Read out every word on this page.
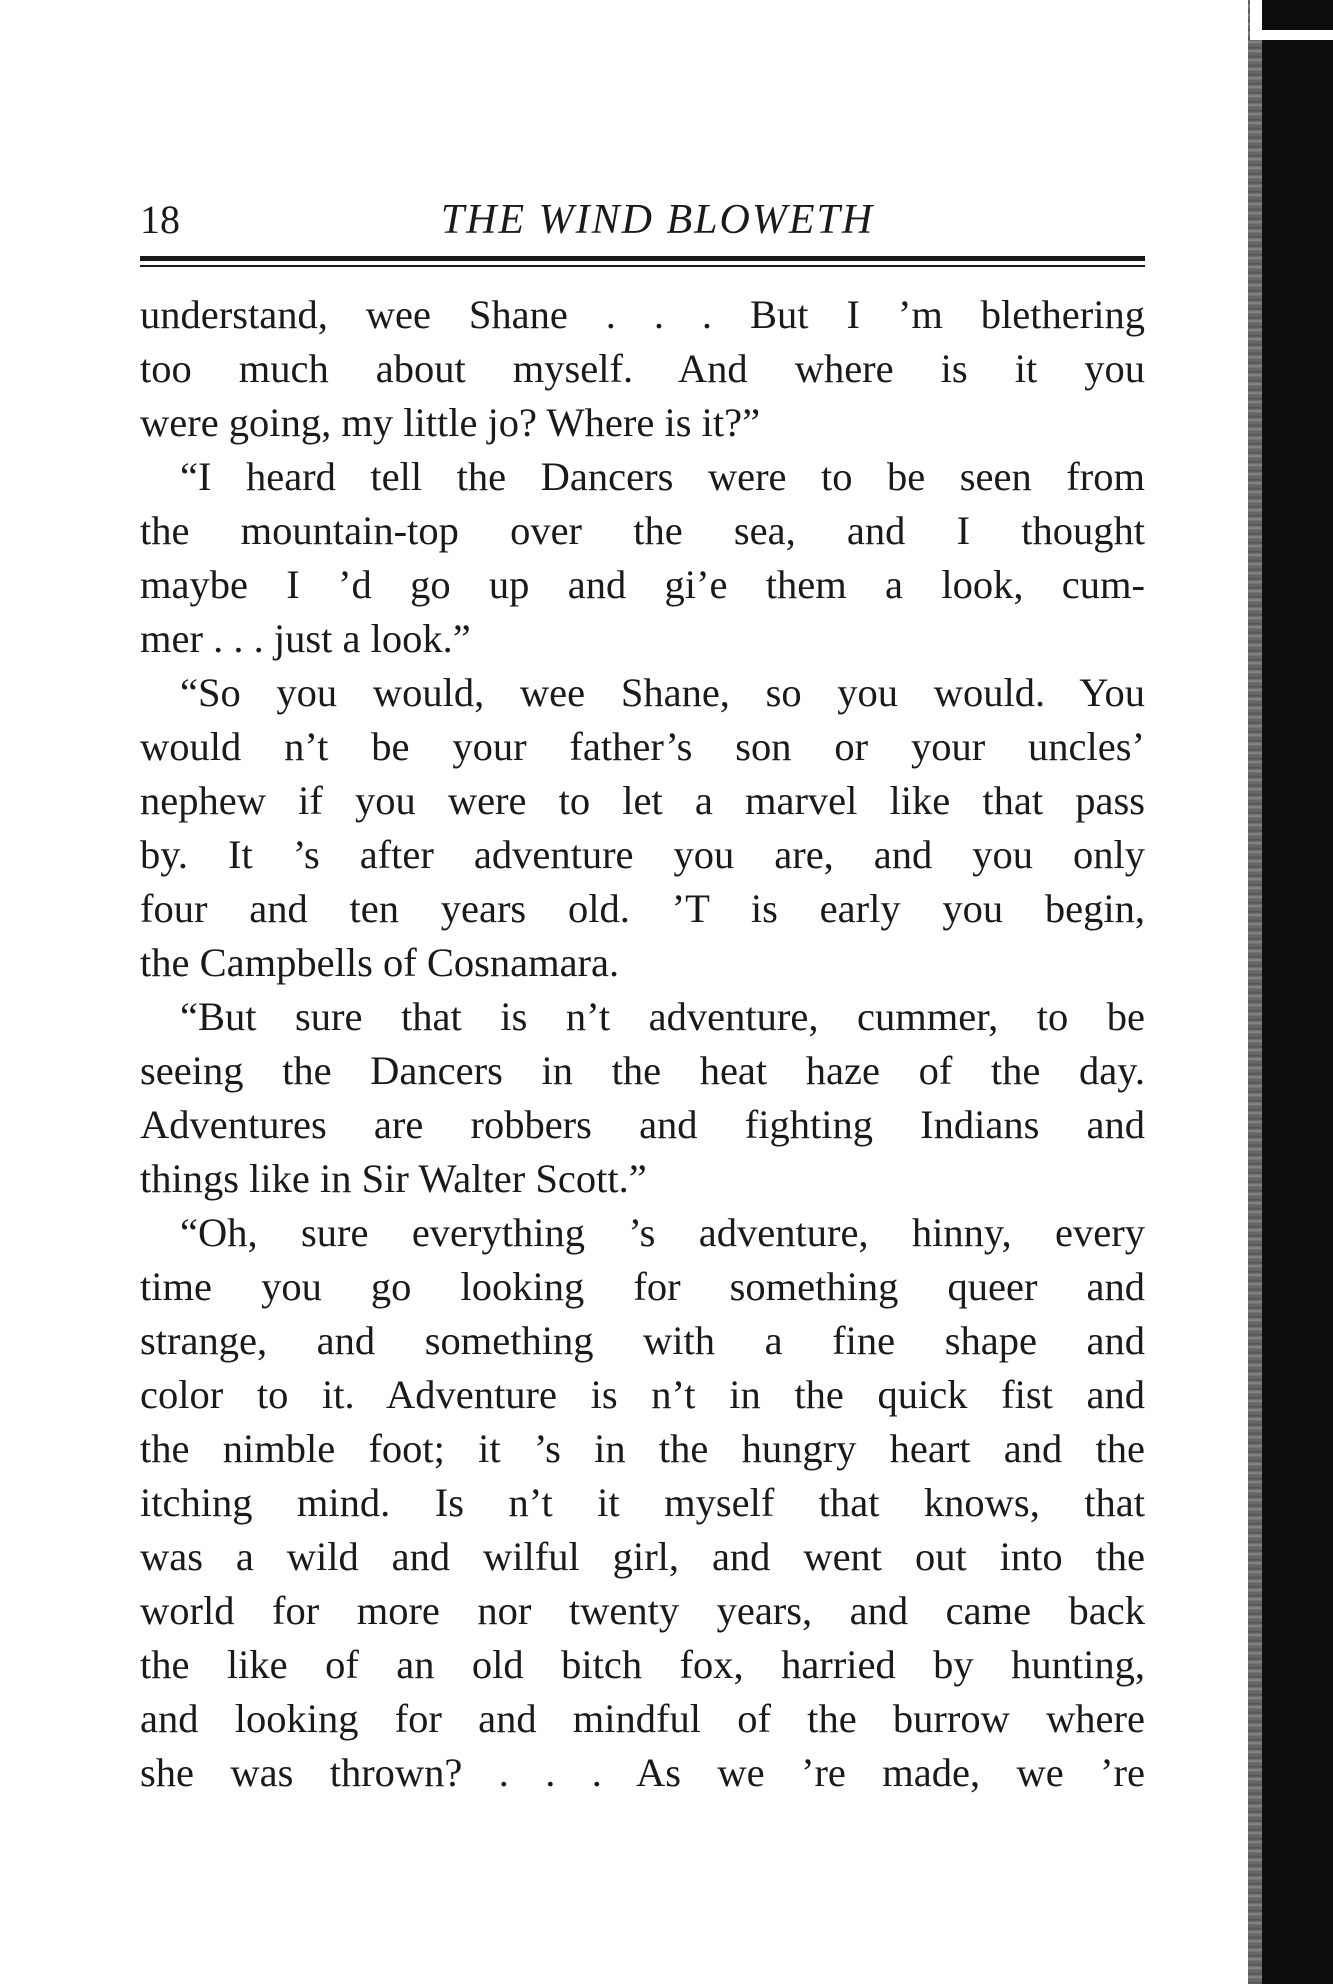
18	THE WIND BLOWETH
understand, wee Shane . . . But I ’m blethering
too much about myself. And where is it you
were going, my little jo? Where is it?”
“I heard tell the Dancers were to be seen from
the mountain-top over the sea, and I thought
maybe I ’d go up and gi’e them a look, cum-
mer . . . just a look.”
“So you would, wee Shane, so you would. You
would n’t be your father’s son or your uncles’
nephew if you were to let a marvel like that pass
by. It ’s after adventure you are, and you only
four and ten years old. ’T is early you begin,
the Campbells of Cosnamara.
“But sure that is n’t adventure, cummer, to be
seeing the Dancers in the heat haze of the day.
Adventures are robbers and fighting Indians and
things like in Sir Walter Scott.”
“Oh, sure everything ’s adventure, hinny, every
time you go looking for something queer and
strange, and something with a fine shape and
color to it. Adventure is n’t in the quick fist and
the nimble foot; it ’s in the hungry heart and the
itching mind. Is n’t it myself that knows, that
was a wild and wilful girl, and went out into the
world for more nor twenty years, and came back
the like of an old bitch fox, harried by hunting,
and looking for and mindful of the burrow where
she was thrown? . . . As we ’re made, we ’re
